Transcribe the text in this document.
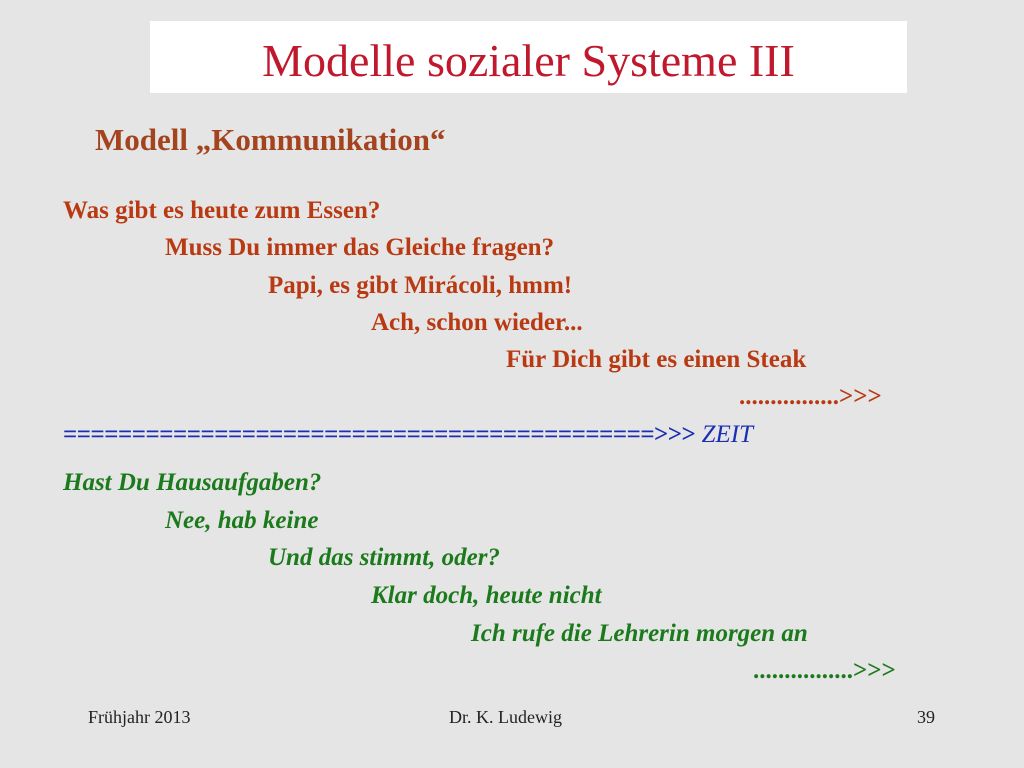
Modelle sozialer Systeme III
Modell „Kommunikation“
Was gibt es heute zum Essen?
Muss Du immer das Gleiche fragen?
Papi, es gibt Mirácoli, hmm!
Ach, schon wieder...
Für Dich gibt es einen Steak
................>>>
===========================================>>> ZEIT
Hast Du Hausaufgaben?
Nee, hab keine
Und das stimmt, oder?
Klar doch, heute nicht
Ich rufe die Lehrerin morgen an
................>>>
Frühjahr 2013	Dr. K. Ludewig	39
